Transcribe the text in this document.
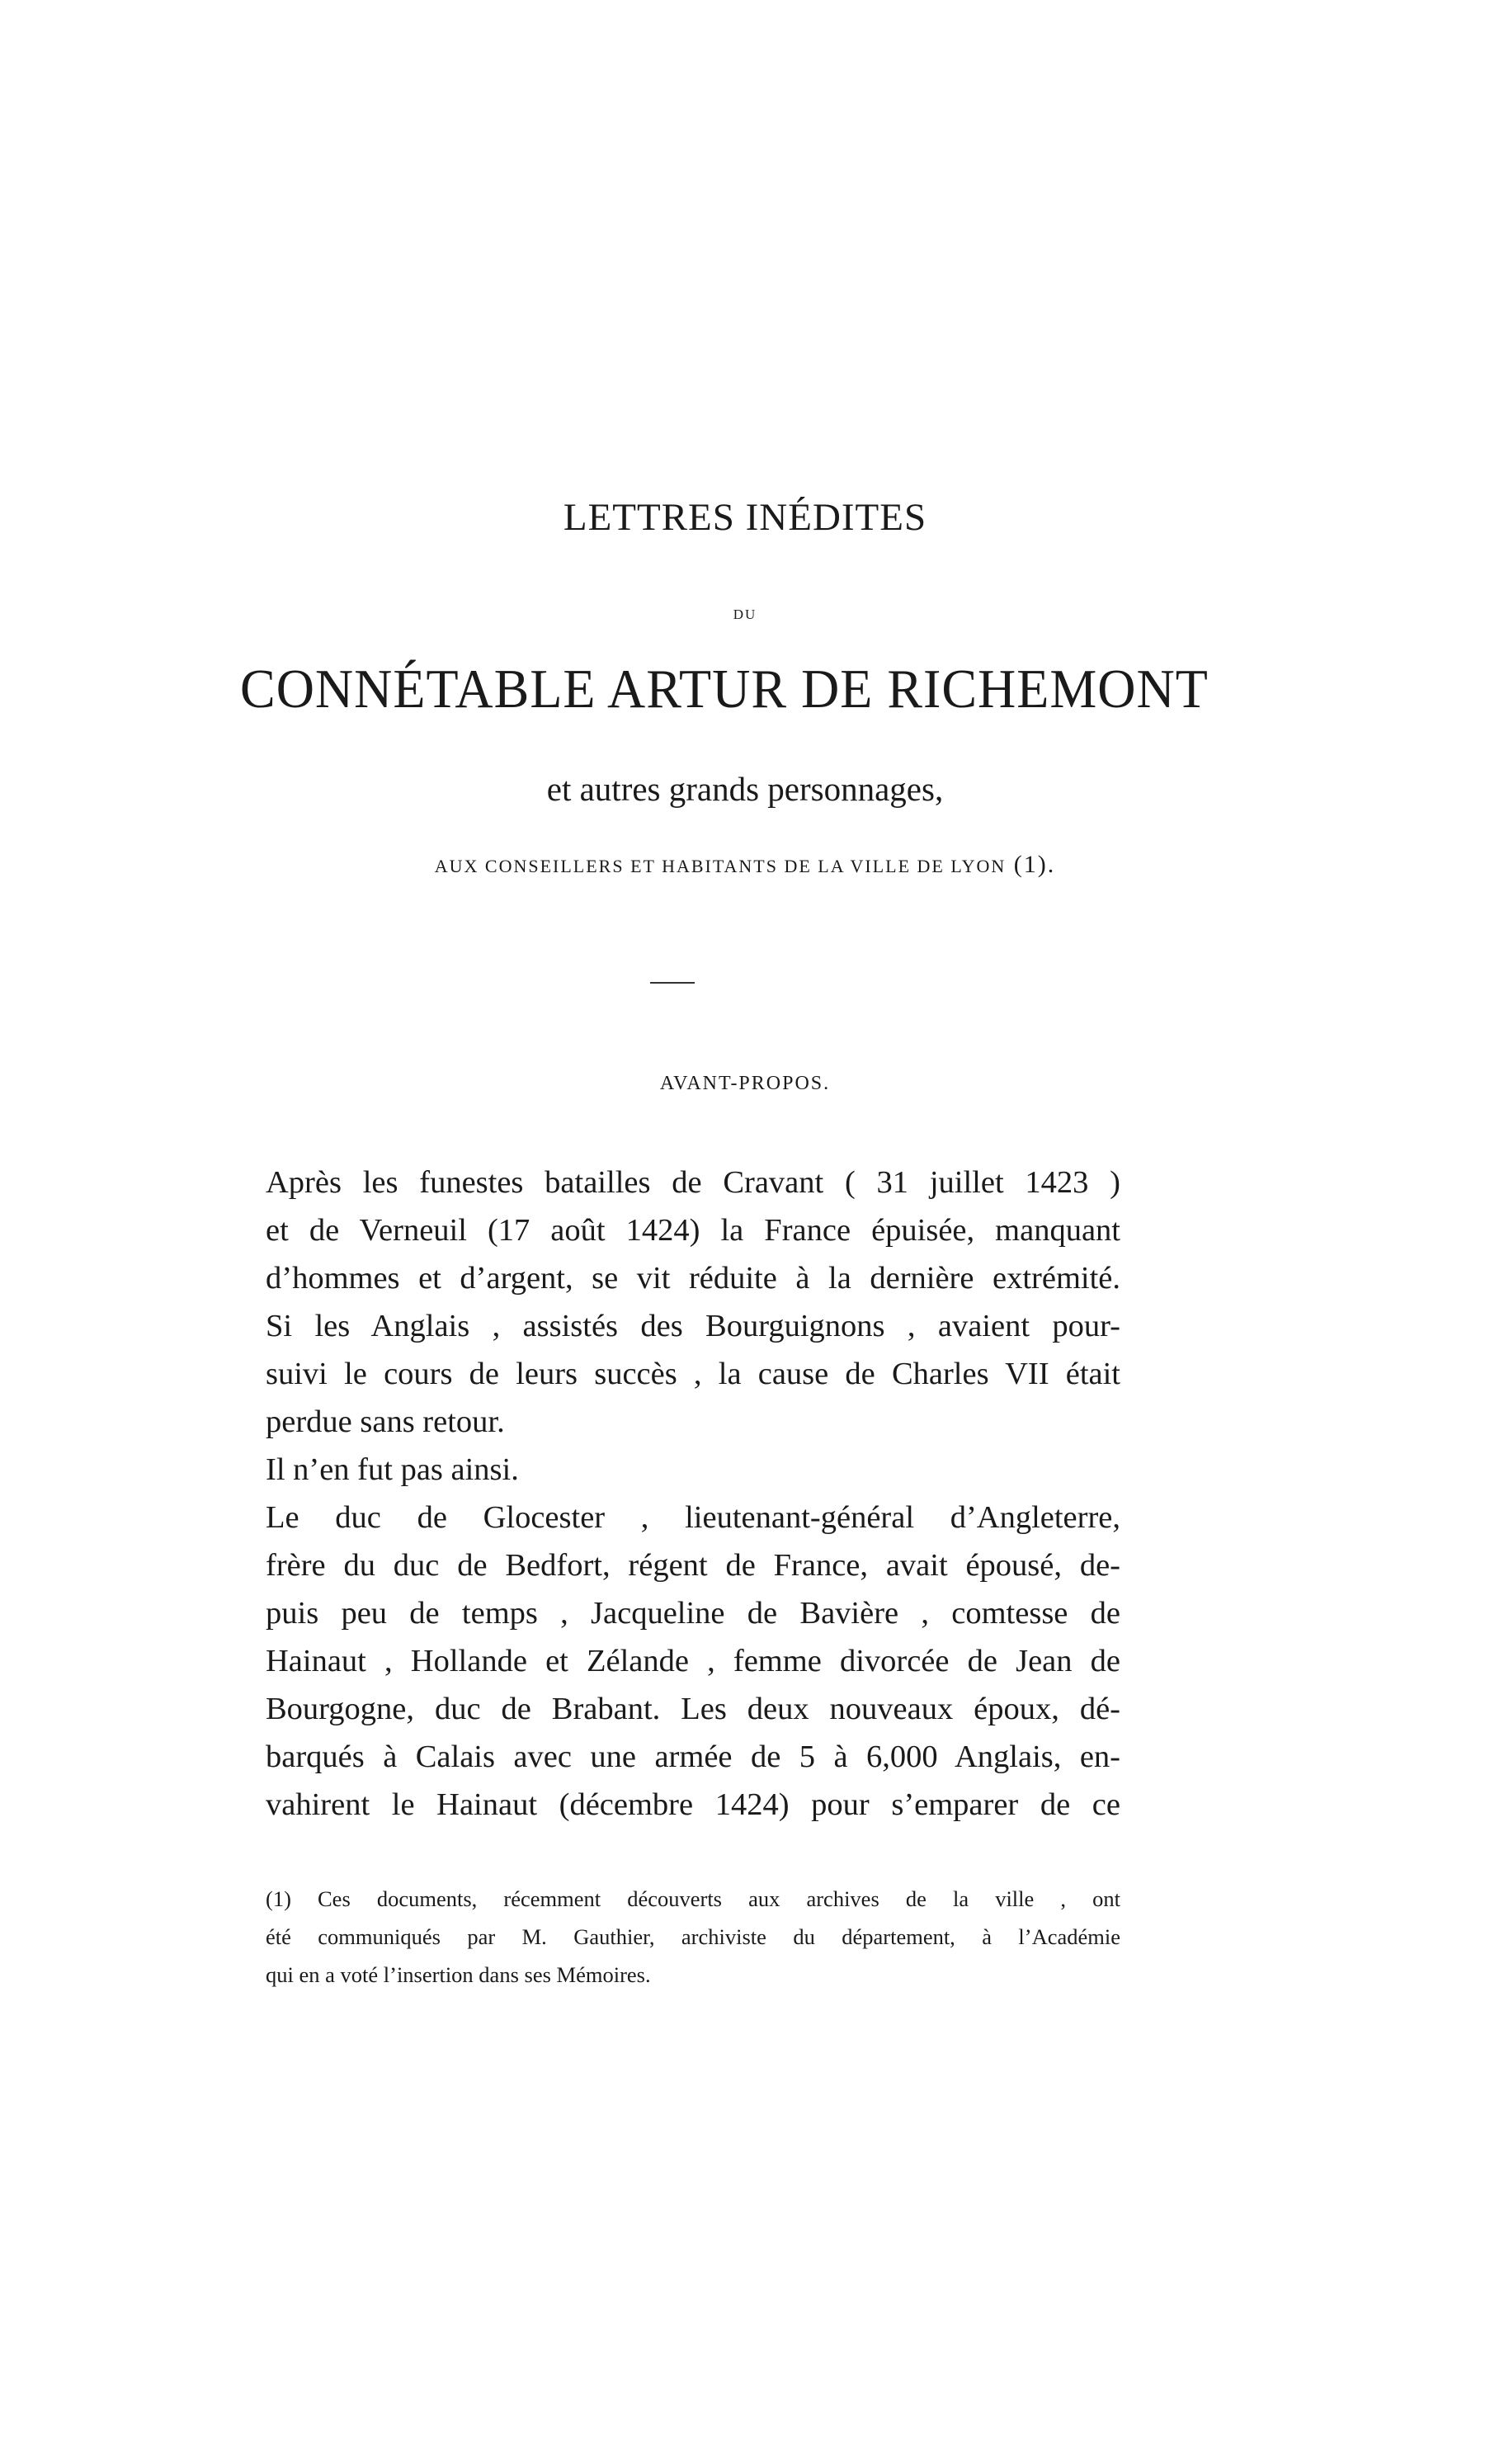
LETTRES INÉDITES
DU
CONNÉTABLE ARTUR DE RICHEMONT
et autres grands personnages,
AUX CONSEILLERS ET HABITANTS DE LA VILLE DE LYON (1).
AVANT-PROPOS.
Après les funestes batailles de Cravant ( 31 juillet 1423 )
et de Verneuil (17 août 1424) la France épuisée, manquant
d’hommes et d’argent, se vit réduite à la dernière extrémité.
Si les Anglais , assistés des Bourguignons , avaient pour-
suivi le cours de leurs succès , la cause de Charles VII était
perdue sans retour.
Il n’en fut pas ainsi.
Le duc de Glocester , lieutenant-général d’Angleterre,
frère du duc de Bedfort, régent de France, avait épousé, de-
puis peu de temps , Jacqueline de Bavière , comtesse de
Hainaut , Hollande et Zélande , femme divorcée de Jean de
Bourgogne, duc de Brabant. Les deux nouveaux époux, dé-
barqués à Calais avec une armée de 5 à 6,000 Anglais, en-
vahirent le Hainaut (décembre 1424) pour s’emparer de ce
(1) Ces documents, récemment découverts aux archives de la ville , ont
été communiqués par M. Gauthier, archiviste du département, à l’Académie
qui en a voté l’insertion dans ses Mémoires.
